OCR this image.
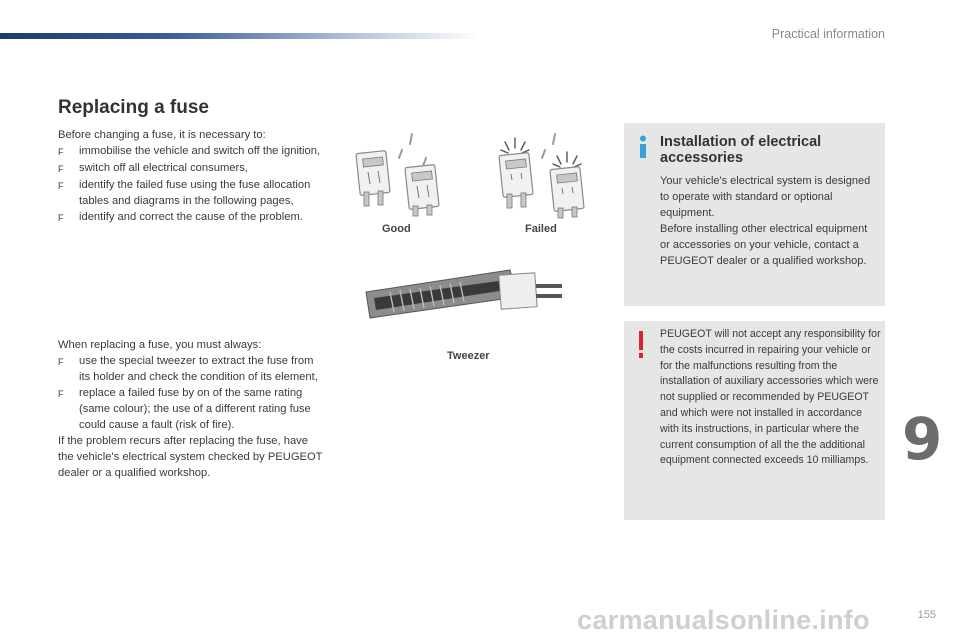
Practical information
Replacing a fuse

Before changing a fuse, it is necessary to:

F	immobilise the vehicle and switch off the ignition,
F	switch off all electrical consumers,
F	identify the failed fuse using the fuse allocation tables and diagrams in the following pages,
F	identify and correct the cause of the problem.

When replacing a fuse, you must always:

F	use the special tweezer to extract the fuse from its holder and check the condition of its element,
F	replace a failed fuse by on of the same rating (same colour); the use of a different rating fuse could cause a fault (risk of fire).

If the problem recurs after replacing the fuse, have the vehicle's electrical system checked by PEUGEOT dealer or a qualified workshop.

Good	Failed
Tweezer
Installation of electrical accessories

Your vehicle's electrical system is designed to operate with standard or optional equipment.

Before installing other electrical equipment or accessories on your vehicle, contact a PEUGEOT dealer or a qualified workshop.

PEUGEOT will not accept any responsibility for the costs incurred in repairing your vehicle or for the malfunctions resulting from the installation of auxiliary accessories which were not supplied or recommended by PEUGEOT and which were not installed in accordance with its instructions, in particular where the current consumption of all the the additional equipment connected exceeds 10 milliamps. 9
carmanualsonline.info	155
